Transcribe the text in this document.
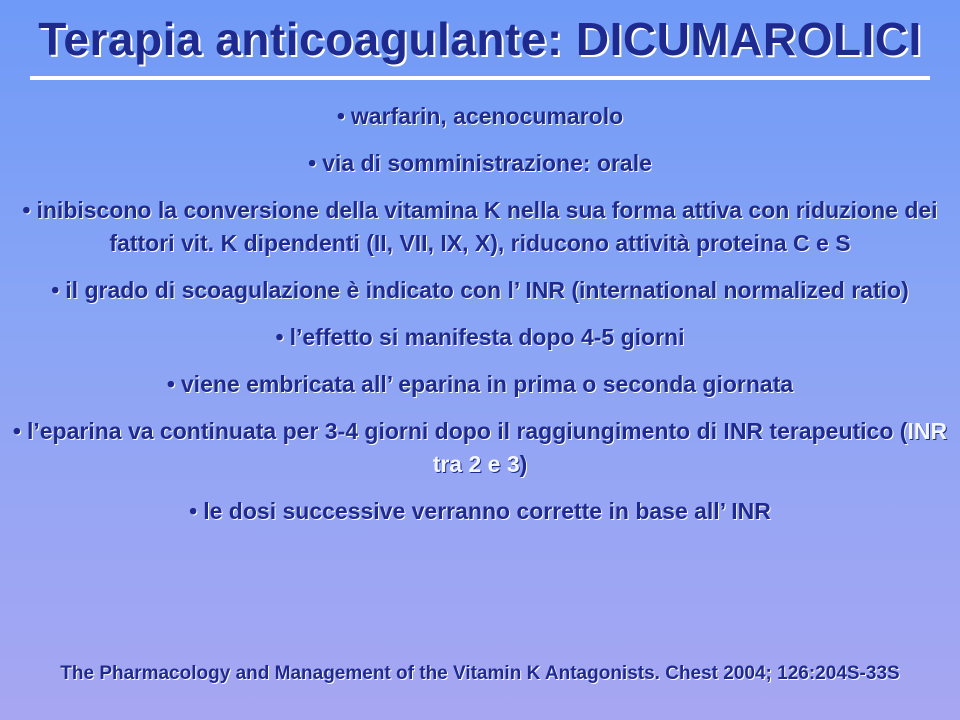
Terapia anticoagulante: DICUMAROLICI
• warfarin, acenocumarolo
• via di somministrazione: orale
• inibiscono la conversione della vitamina K nella sua forma attiva con riduzione dei fattori vit. K dipendenti (II, VII, IX, X), riducono attività proteina C e S
• il grado di scoagulazione è indicato con l’ INR (international normalized ratio)
• l’effetto si manifesta dopo 4-5 giorni
• viene embricata all’ eparina in prima o seconda giornata
• l’eparina va continuata per 3-4 giorni dopo il raggiungimento di INR terapeutico (INR tra 2 e 3)
• le dosi successive verranno corrette in base all’ INR
The Pharmacology and Management of the Vitamin K Antagonists. Chest 2004; 126:204S-33S
